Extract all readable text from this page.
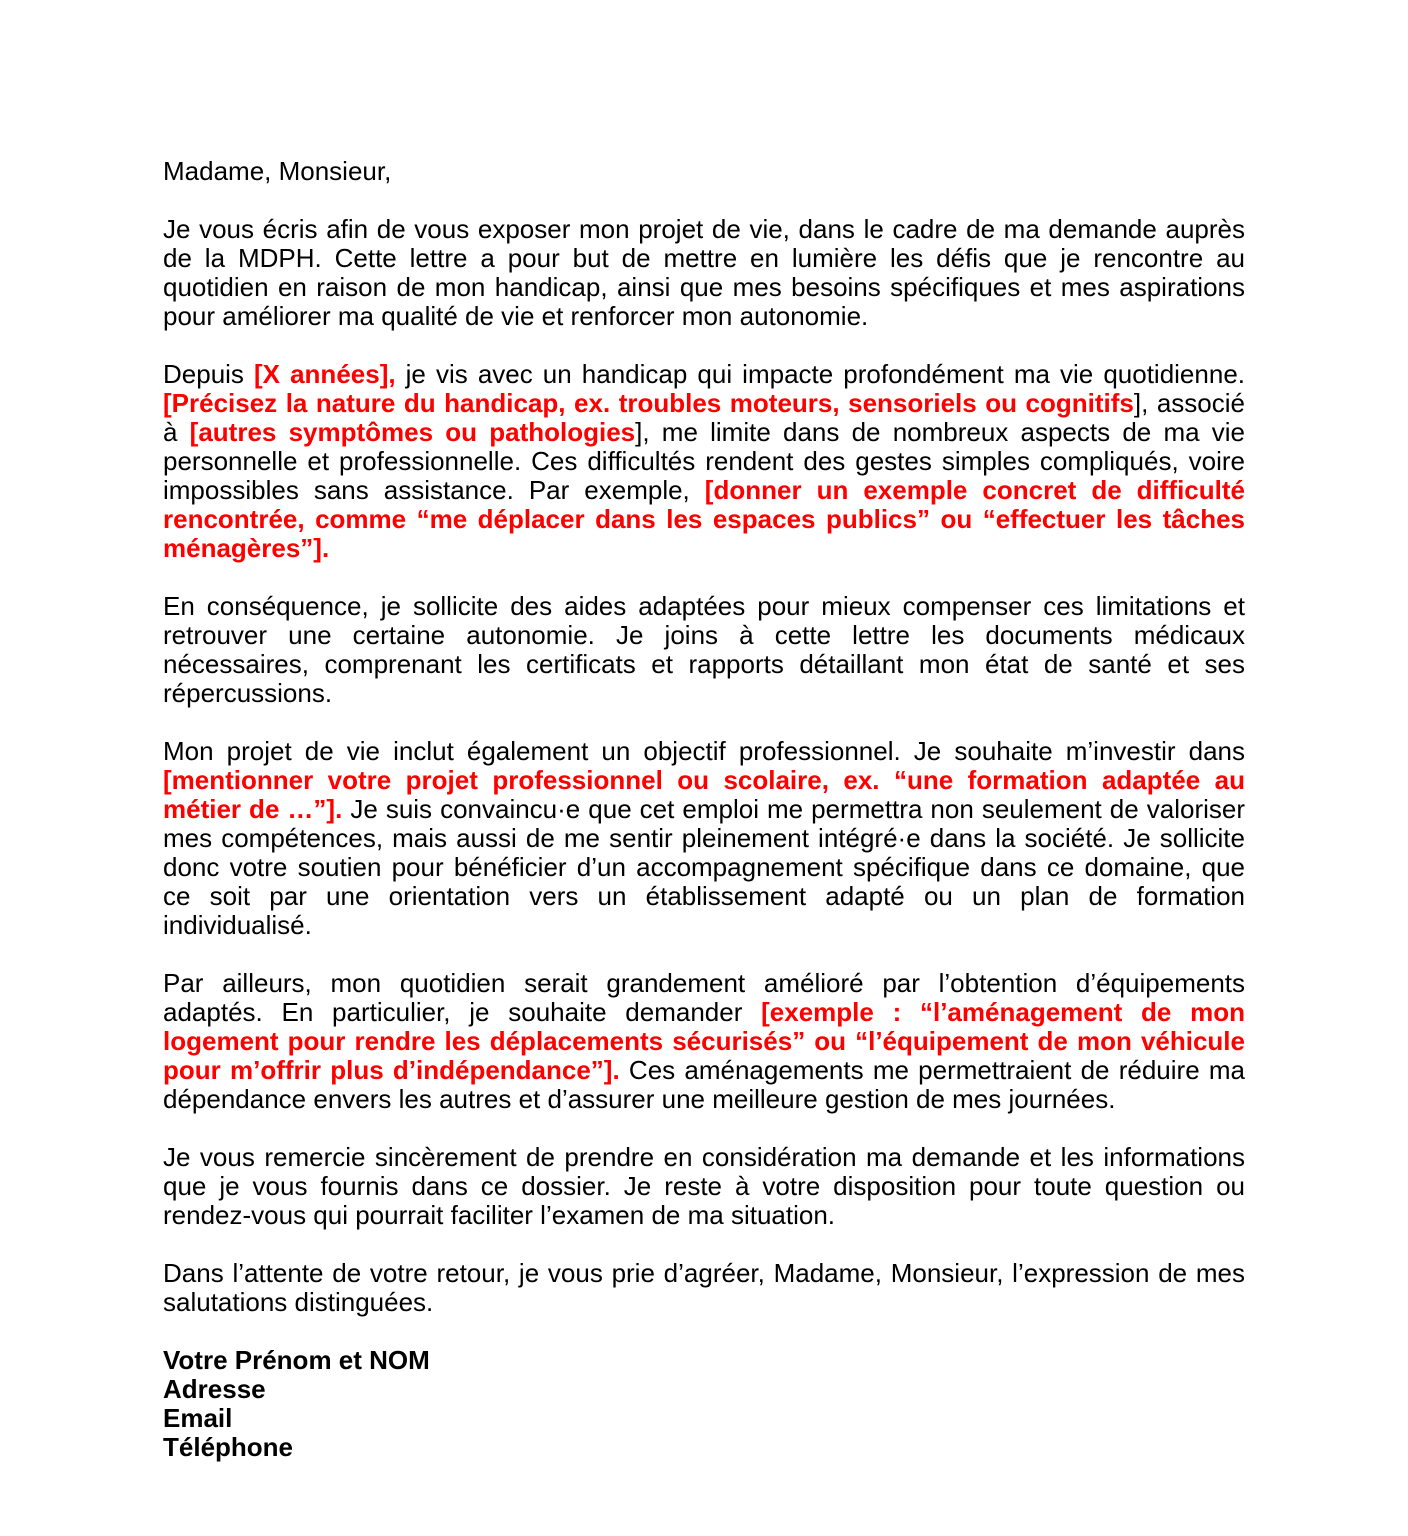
Madame, Monsieur,

Je vous écris afin de vous exposer mon projet de vie, dans le cadre de ma demande auprès de la MDPH. Cette lettre a pour but de mettre en lumière les défis que je rencontre au quotidien en raison de mon handicap, ainsi que mes besoins spécifiques et mes aspirations pour améliorer ma qualité de vie et renforcer mon autonomie.

Depuis [X années], je vis avec un handicap qui impacte profondément ma vie quotidienne. [Précisez la nature du handicap, ex. troubles moteurs, sensoriels ou cognitifs], associé à [autres symptômes ou pathologies], me limite dans de nombreux aspects de ma vie personnelle et professionnelle. Ces difficultés rendent des gestes simples compliqués, voire impossibles sans assistance. Par exemple, [donner un exemple concret de difficulté rencontrée, comme “me déplacer dans les espaces publics” ou “effectuer les tâches ménagères”].

En conséquence, je sollicite des aides adaptées pour mieux compenser ces limitations et retrouver une certaine autonomie. Je joins à cette lettre les documents médicaux nécessaires, comprenant les certificats et rapports détaillant mon état de santé et ses répercussions.

Mon projet de vie inclut également un objectif professionnel. Je souhaite m’investir dans [mentionner votre projet professionnel ou scolaire, ex. “une formation adaptée au métier de …”]. Je suis convaincu·e que cet emploi me permettra non seulement de valoriser mes compétences, mais aussi de me sentir pleinement intégré·e dans la société. Je sollicite donc votre soutien pour bénéficier d’un accompagnement spécifique dans ce domaine, que ce soit par une orientation vers un établissement adapté ou un plan de formation individualisé.

Par ailleurs, mon quotidien serait grandement amélioré par l’obtention d’équipements adaptés. En particulier, je souhaite demander [exemple : “l’aménagement de mon logement pour rendre les déplacements sécurisés” ou “l’équipement de mon véhicule pour m’offrir plus d’indépendance”]. Ces aménagements me permettraient de réduire ma dépendance envers les autres et d’assurer une meilleure gestion de mes journées.

Je vous remercie sincèrement de prendre en considération ma demande et les informations que je vous fournis dans ce dossier. Je reste à votre disposition pour toute question ou rendez-vous qui pourrait faciliter l’examen de ma situation.

Dans l’attente de votre retour, je vous prie d’agréer, Madame, Monsieur, l’expression de mes salutations distinguées.

Votre Prénom et NOM
Adresse
Email
Téléphone
